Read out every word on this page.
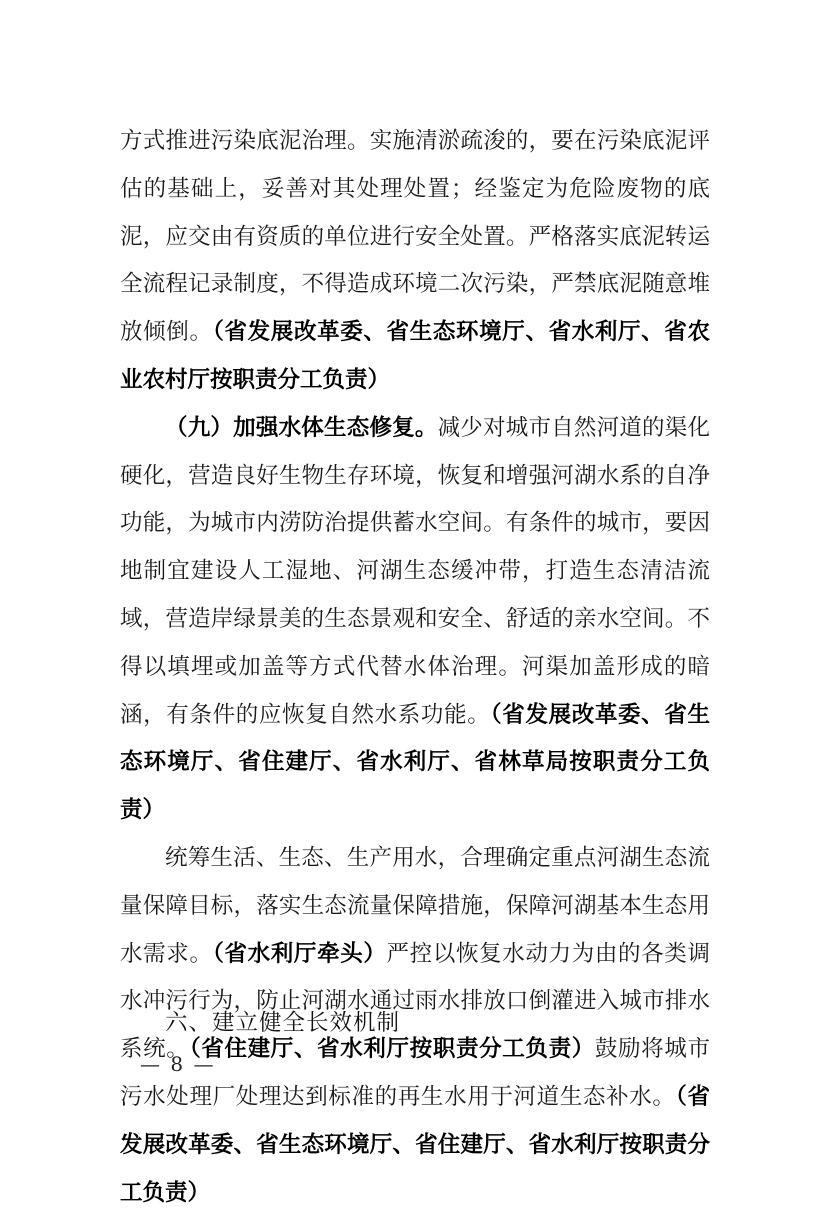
方式推进污染底泥治理。实施清淤疏浚的，要在污染底泥评估的基础上，妥善对其处理处置；经鉴定为危险废物的底泥，应交由有资质的单位进行安全处置。严格落实底泥转运全流程记录制度，不得造成环境二次污染，严禁底泥随意堆放倾倒。（省发展改革委、省生态环境厅、省水利厅、省农业农村厅按职责分工负责）

（九）加强水体生态修复。减少对城市自然河道的渠化硬化，营造良好生物生存环境，恢复和增强河湖水系的自净功能，为城市内涝防治提供蓄水空间。有条件的城市，要因地制宜建设人工湿地、河湖生态缓冲带，打造生态清洁流域，营造岸绿景美的生态景观和安全、舒适的亲水空间。不得以填埋或加盖等方式代替水体治理。河渠加盖形成的暗涵，有条件的应恢复自然水系功能。（省发展改革委、省生态环境厅、省住建厅、省水利厅、省林草局按职责分工负责）

统筹生活、生态、生产用水，合理确定重点河湖生态流量保障目标，落实生态流量保障措施，保障河湖基本生态用水需求。（省水利厅牵头）严控以恢复水动力为由的各类调水冲污行为，防止河湖水通过雨水排放口倒灌进入城市排水系统。（省住建厅、省水利厅按职责分工负责）鼓励将城市污水处理厂处理达到标准的再生水用于河道生态补水。（省发展改革委、省生态环境厅、省住建厅、省水利厅按职责分工负责）

六、建立健全长效机制
— 8 —
